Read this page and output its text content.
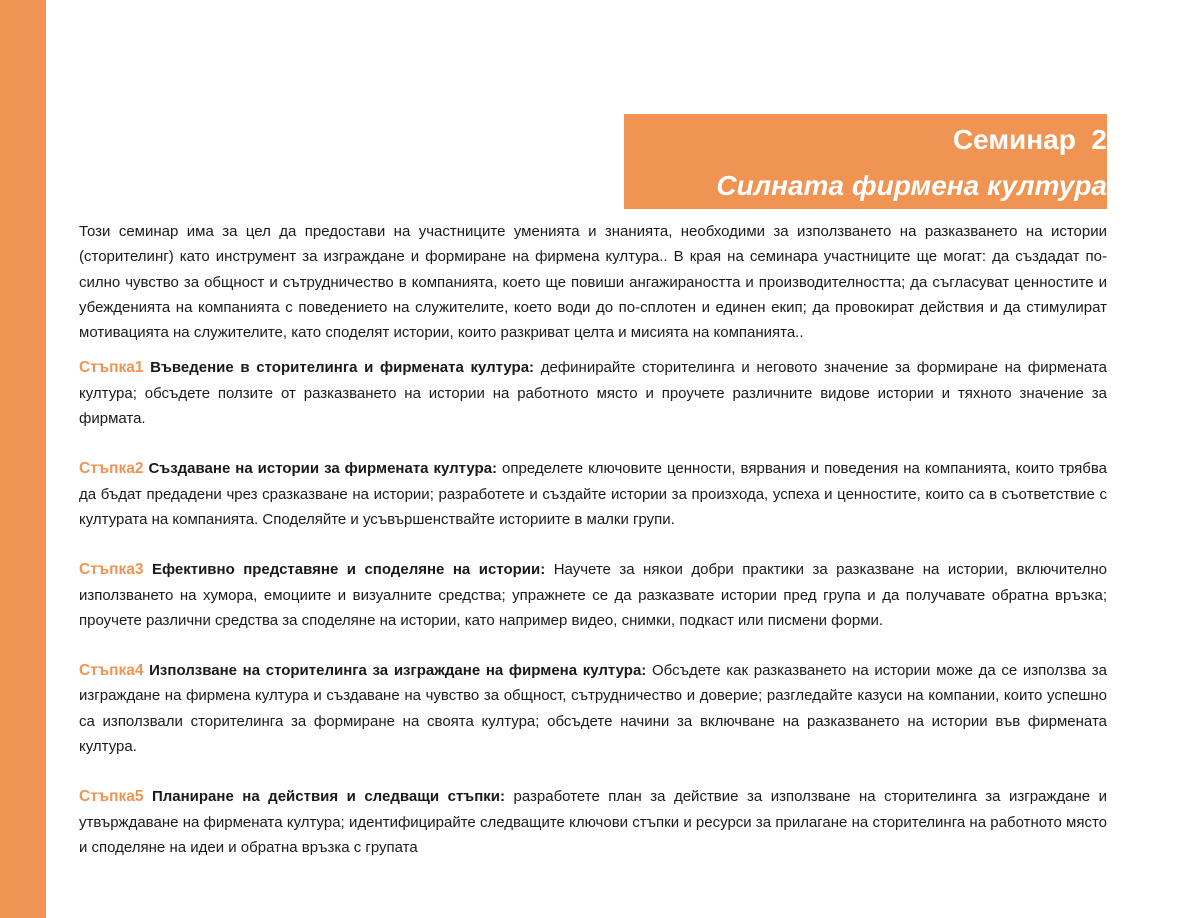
Семинар  2
Силната фирмена култура

Този семинар има за цел да предостави на участниците уменията и знанията, необходими за използването на разказването на истории (сторителинг) като инструмент за изграждане и формиране на фирмена култура.. В края на семинара участниците ще могат: да създадат по-силно чувство за общност и сътрудничество в компанията, което ще повиши ангажираността и производителността; да съгласуват ценностите и убежденията на компанията с поведението на служителите, което води до по-сплотен и единен екип; да провокират действия и да стимулират мотивацията на служителите, като споделят истории, които разкриват целта и мисията на компанията..

Стъпка1 Въведение в сторителинга и фирмената култура: дефинирайте сторителинга и неговото значение за формиране на фирмената култура; обсъдете ползите от разказването на истории на работното място и проучете различните видове истории и тяхното значение за фирмата.

Стъпка2 Създаване на истории за фирмената култура: определете ключовите ценности, вярвания и поведения на компанията, които трябва да бъдат предадени чрез сразказване на истории; разработете и създайте истории за произхода, успеха и ценностите, които са в съответствие с културата на компанията. Споделяйте и усъвършенствайте историите в малки групи.

Стъпка3 Ефективно представяне и споделяне на истории: Научете за някои добри практики за разказване на истории, включително използването на хумора, емоциите и визуалните средства; упражнете се да разказвате истории пред група и да получавате обратна връзка; проучете различни средства за споделяне на истории, като например видео, снимки, подкаст или писмени форми.

Стъпка4 Използване на сторителинга за изграждане на фирмена култура: Обсъдете как разказването на истории може да се използва за изграждане на фирмена култура и създаване на чувство за общност, сътрудничество и доверие; разгледайте казуси на компании, които успешно са използвали сторителинга за формиране на своята култура; обсъдете начини за включване на разказването на истории във фирмената култура.

Стъпка5 Планиране на действия и следващи стъпки: разработете план за действие за използване на сторителинга за изграждане и утвърждаване на фирмената култура; идентифицирайте следващите ключови стъпки и ресурси за прилагане на сторителинга на работното място и споделяне на идеи и обратна връзка с групата
